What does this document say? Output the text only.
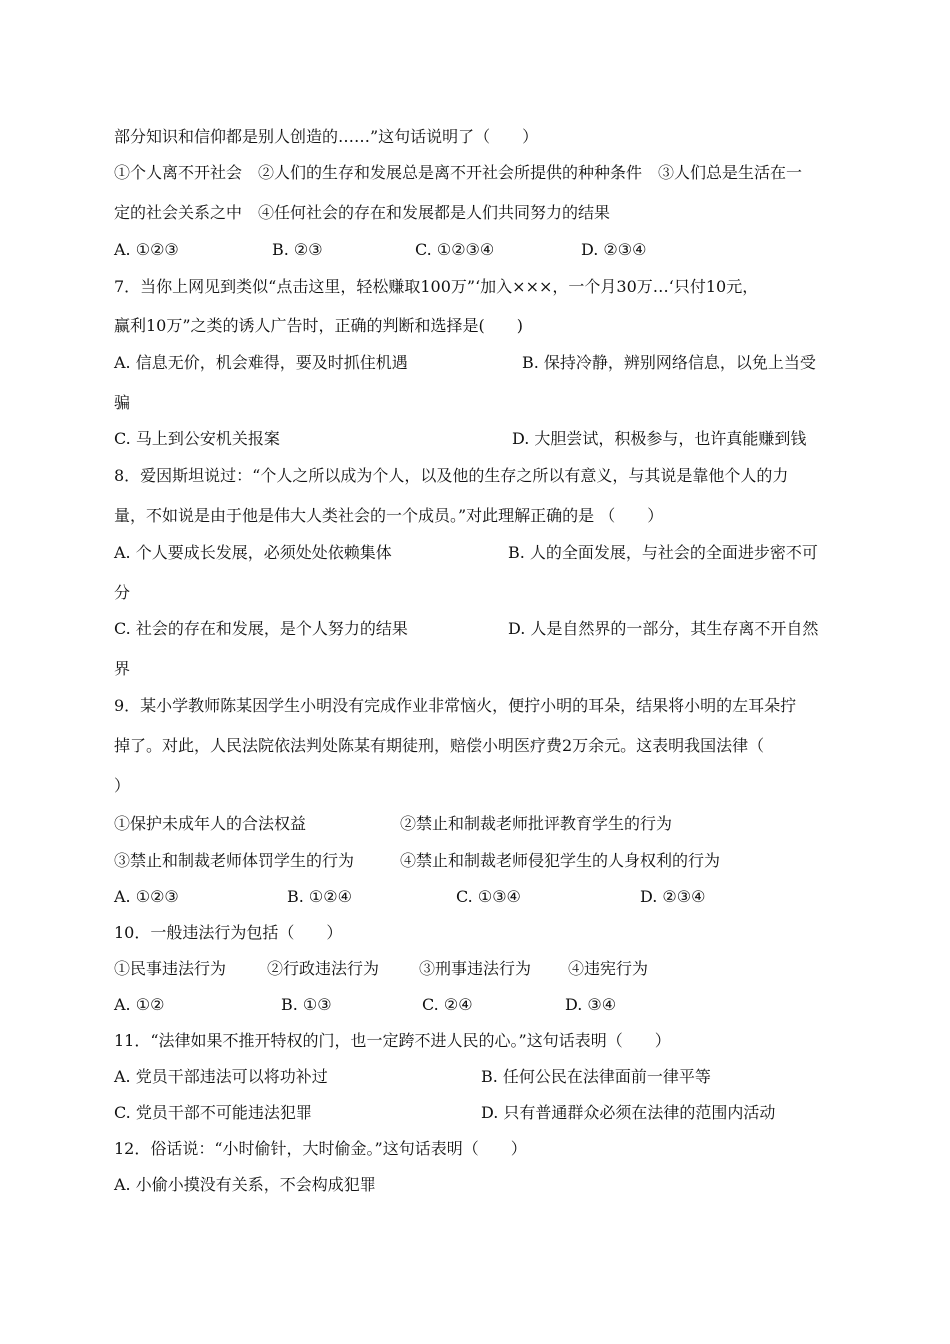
部分知识和信仰都是别人创造的……”这句话说明了（　　）
①个人离不开社会　②人们的生存和发展总是离不开社会所提供的种种条件　③人们总是生活在一
定的社会关系之中　④任何社会的存在和发展都是人们共同努力的结果
A. ①②③	B. ②③	C. ①②③④	D. ②③④
7．当你上网见到类似“点击这里，轻松赚取100万”‘加入×××，一个月30万…‘只付10元，
赢利10万”之类的诱人广告时，正确的判断和选择是(　　)
A. 信息无价，机会难得，要及时抓住机遇	B. 保持冷静，辨别网络信息，以免上当受
骗
C. 马上到公安机关报案	D. 大胆尝试，积极参与，也许真能赚到钱
8．爱因斯坦说过：“个人之所以成为个人，以及他的生存之所以有意义，与其说是靠他个人的力
量，不如说是由于他是伟大人类社会的一个成员。”对此理解正确的是 （　　）
A. 个人要成长发展，必须处处依赖集体	B. 人的全面发展，与社会的全面进步密不可
分
C. 社会的存在和发展，是个人努力的结果	D. 人是自然界的一部分，其生存离不开自然
界
9．某小学教师陈某因学生小明没有完成作业非常恼火，便拧小明的耳朵，结果将小明的左耳朵拧
掉了。对此，人民法院依法判处陈某有期徒刑，赔偿小明医疗费2万余元。这表明我国法律（
）
①保护未成年人的合法权益	②禁止和制裁老师批评教育学生的行为
③禁止和制裁老师体罚学生的行为	④禁止和制裁老师侵犯学生的人身权利的行为
A. ①②③	B. ①②④	C. ①③④	D. ②③④
10．一般违法行为包括（　　）
①民事违法行为	②行政违法行为 ③刑事违法行为 ④违宪行为
A. ①②	B. ①③	C. ②④	D. ③④
11．“法律如果不推开特权的门，也一定跨不进人民的心。”这句话表明（　　）
A. 党员干部违法可以将功补过	B. 任何公民在法律面前一律平等
C. 党员干部不可能违法犯罪	D. 只有普通群众必须在法律的范围内活动
12．俗话说：“小时偷针，大时偷金。”这句话表明（　　）
A. 小偷小摸没有关系，不会构成犯罪
